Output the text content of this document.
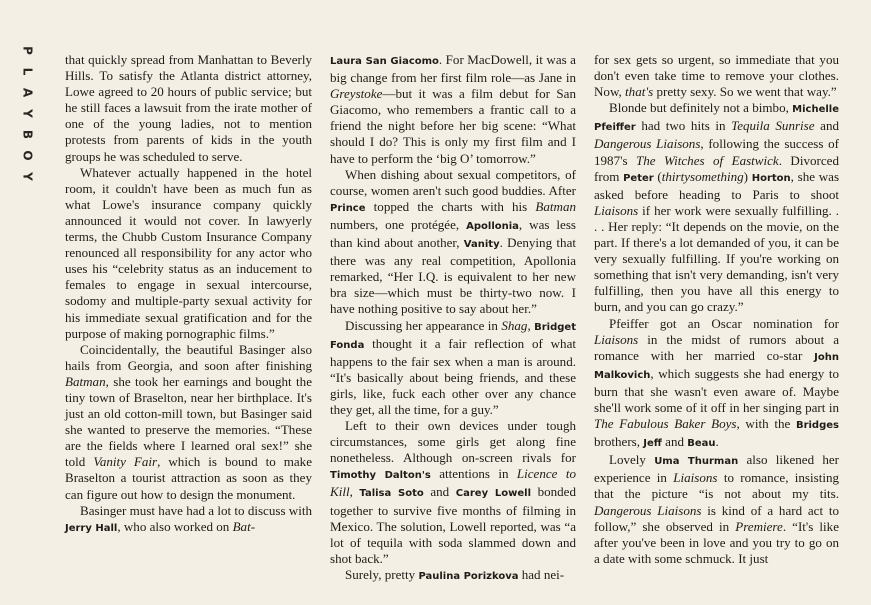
P
L
A
Y
B
O
Y

that quickly spread from Manhattan to Beverly Hills. To satisfy the Atlanta district attorney, Lowe agreed to 20 hours of public service; but he still faces a lawsuit from the irate mother of one of the young ladies, not to mention protests from parents of kids in the youth groups he was scheduled to serve.

Whatever actually happened in the hotel room, it couldn't have been as much fun as what Lowe's insurance company quickly announced it would not cover. In lawyerly terms, the Chubb Custom Insurance Company renounced all responsibility for any actor who uses his “celebrity status as an inducement to females to engage in sexual intercourse, sodomy and multiple-party sexual activity for his immediate sexual gratification and for the purpose of making pornographic films.”

Coincidentally, the beautiful Basinger also hails from Georgia, and soon after finishing Batman, she took her earnings and bought the tiny town of Braselton, near her birthplace. It's just an old cotton-mill town, but Basinger said she wanted to preserve the memories. “These are the fields where I learned oral sex!” she told Vanity Fair, which is bound to make Braselton a tourist attraction as soon as they can figure out how to design the monument.

Basinger must have had a lot to discuss with Jerry Hall, who also worked on Bat-

Laura San Giacomo. For MacDowell, it was a big change from her first film role—as Jane in Greystoke—but it was a film debut for San Giacomo, who remembers a frantic call to a friend the night before her big scene: “What should I do? This is only my first film and I have to perform the ‘big O’ tomorrow.”

When dishing about sexual competitors, of course, women aren't such good buddies. After Prince topped the charts with his Batman numbers, one protégée, Apollonia, was less than kind about another, Vanity. Denying that there was any real competition, Apollonia remarked, “Her I.Q. is equivalent to her new bra size—which must be thirty-two now. I have nothing positive to say about her.”

Discussing her appearance in Shag, Bridget Fonda thought it a fair reflection of what happens to the fair sex when a man is around. “It's basically about being friends, and these girls, like, fuck each other over any chance they get, all the time, for a guy.”

Left to their own devices under tough circumstances, some girls get along fine nonetheless. Although on-screen rivals for Timothy Dalton's attentions in Licence to Kill, Talisa Soto and Carey Lowell bonded together to survive five months of filming in Mexico. The solution, Lowell reported, was “a lot of tequila with soda slammed down and shot back.”

Surely, pretty Paulina Porizkova had nei-

for sex gets so urgent, so immediate that you don't even take time to remove your clothes. Now, that's pretty sexy. So we went that way.”

Blonde but definitely not a bimbo, Michelle Pfeiffer had two hits in Tequila Sunrise and Dangerous Liaisons, following the success of 1987's The Witches of Eastwick. Divorced from Peter (thirtysomething) Horton, she was asked before heading to Paris to shoot Liaisons if her work were sexually fulfilling. . . . Her reply: “It depends on the movie, on the part. If there's a lot demanded of you, it can be very sexually fulfilling. If you're working on something that isn't very demanding, isn't very fulfilling, then you have all this energy to burn, and you can go crazy.”

Pfeiffer got an Oscar nomination for Liaisons in the midst of rumors about a romance with her married co-star John Malkovich, which suggests she had energy to burn that she wasn't even aware of. Maybe she'll work some of it off in her singing part in The Fabulous Baker Boys, with the Bridges brothers, Jeff and Beau.

Lovely Uma Thurman also likened her experience in Liaisons to romance, insisting that the picture “is not about my tits. Dangerous Liaisons is kind of a hard act to follow,” she observed in Premiere. “It's like after you've been in love and you try to go on a date with some schmuck. It just
